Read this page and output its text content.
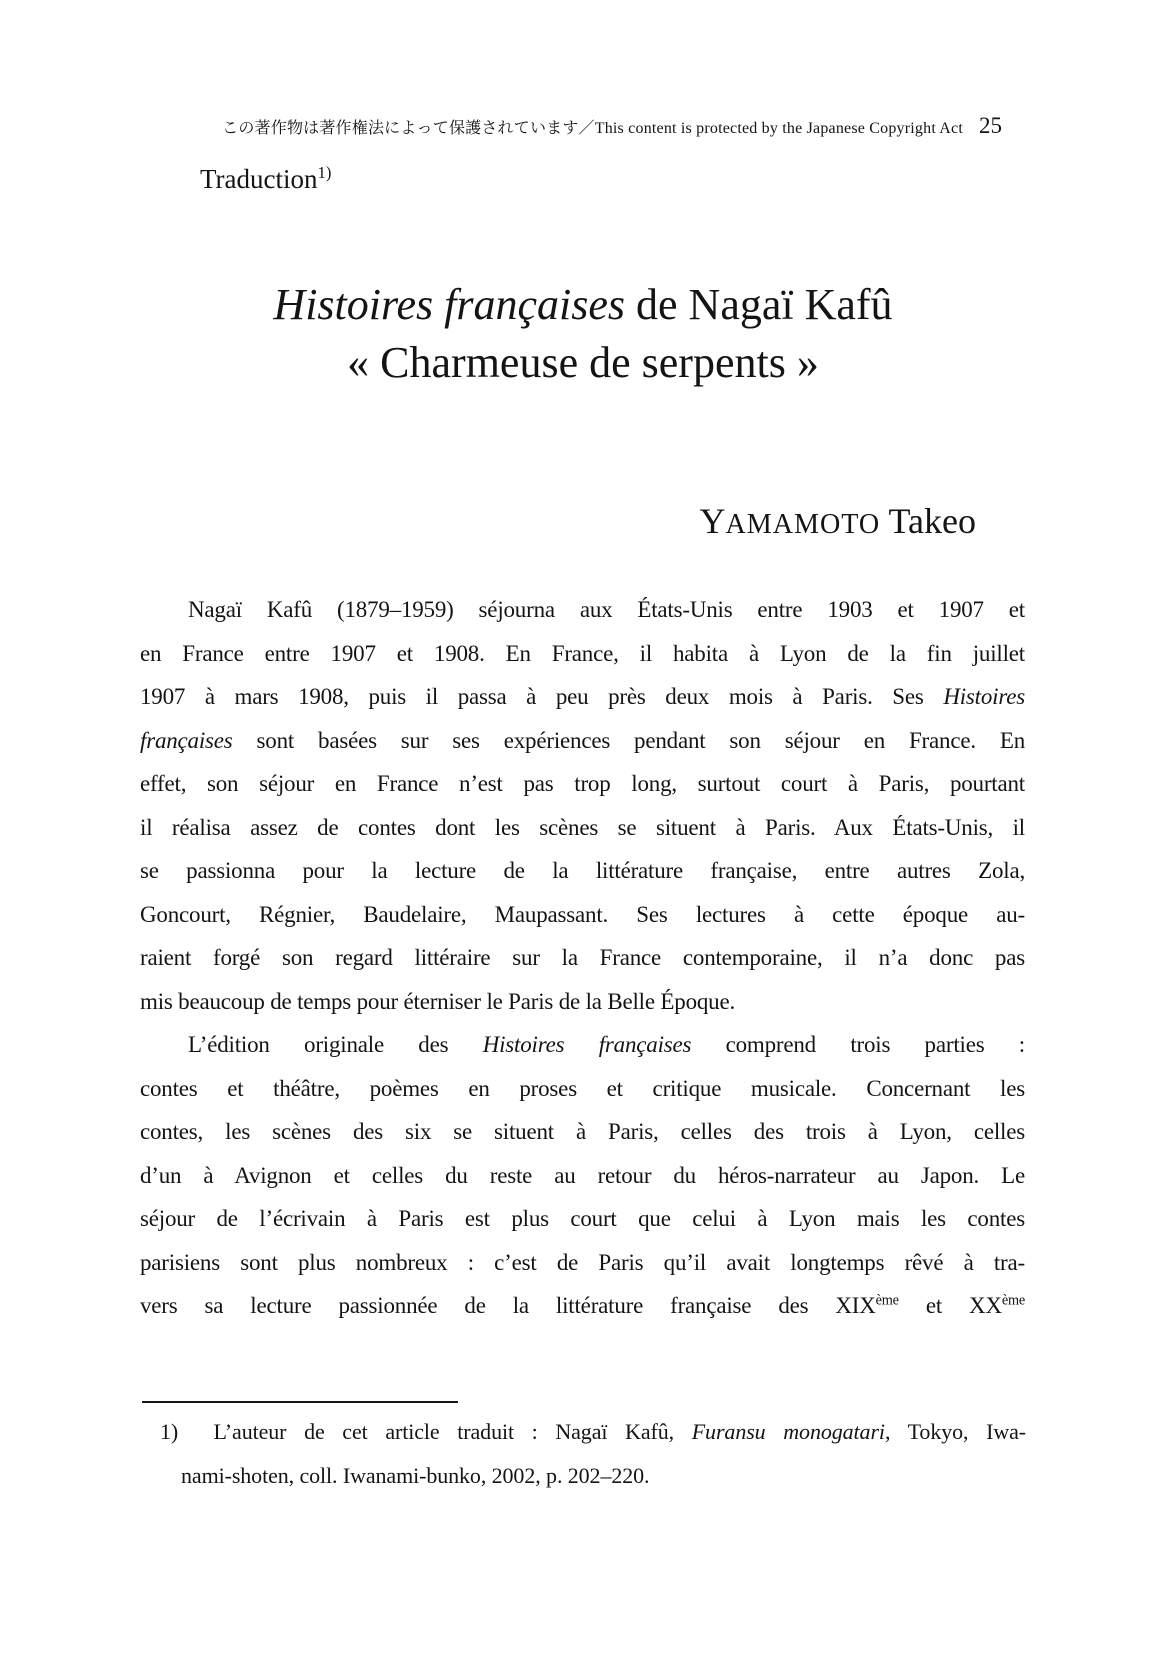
この著作物は著作権法によって保護されています／This content is protected by the Japanese Copyright Act 25
Traduction$^{1)}$
Histoires françaises de Nagaï Kafû
« Charmeuse de serpents »
YAMAMOTO Takeo
Nagaï Kafû (1879–1959) séjourna aux États-Unis entre 1903 et 1907 et
en France entre 1907 et 1908. En France, il habita à Lyon de la fin juillet
1907 à mars 1908, puis il passa à peu près deux mois à Paris. Ses Histoires
françaises sont basées sur ses expériences pendant son séjour en France. En
effet, son séjour en France n’est pas trop long, surtout court à Paris, pourtant
il réalisa assez de contes dont les scènes se situent à Paris. Aux États-Unis, il
se passionna pour la lecture de la littérature française, entre autres Zola,
Goncourt, Régnier, Baudelaire, Maupassant. Ses lectures à cette époque au-
raient forgé son regard littéraire sur la France contemporaine, il n’a donc pas
mis beaucoup de temps pour éterniser le Paris de la Belle Époque.
L’édition originale des Histoires françaises comprend trois parties :
contes et théâtre, poèmes en proses et critique musicale. Concernant les
contes, les scènes des six se situent à Paris, celles des trois à Lyon, celles
d’un à Avignon et celles du reste au retour du héros-narrateur au Japon. Le
séjour de l’écrivain à Paris est plus court que celui à Lyon mais les contes
parisiens sont plus nombreux : c’est de Paris qu’il avait longtemps rêvé à tra-
vers sa lecture passionnée de la littérature française des XIXème et XXème
1)  L’auteur de cet article traduit : Nagaï Kafû, Furansu monogatari, Tokyo, Iwa-
nami-shoten, coll. Iwanami-bunko, 2002, p. 202–220.
